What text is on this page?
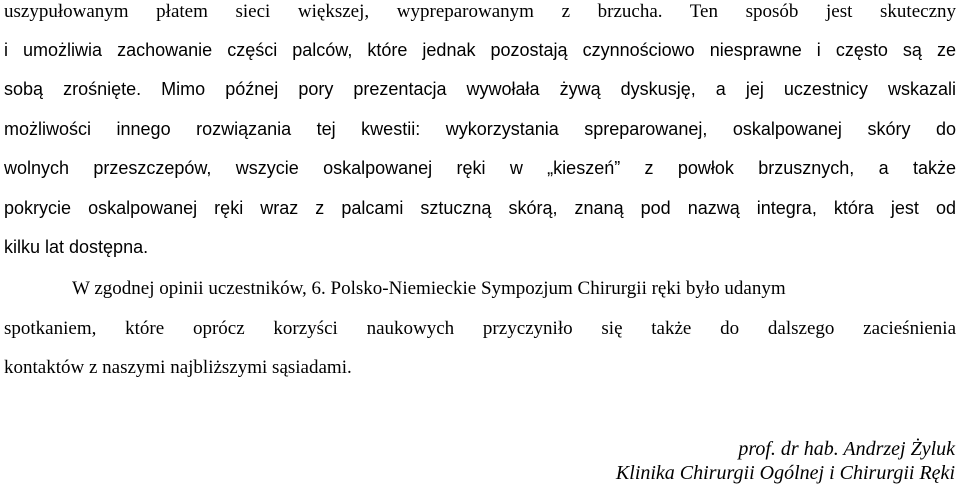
uszypułowanym płatem sieci większej, wypreparowanym z brzucha. Ten sposób jest skuteczny
i umożliwia zachowanie części palców, które jednak pozostają czynnościowo niesprawne i często są ze
sobą zrośnięte. Mimo późnej pory prezentacja wywołała żywą dyskusję, a jej uczestnicy wskazali
możliwości innego rozwiązania tej kwestii: wykorzystania spreparowanej, oskalpowanej skóry do
wolnych przeszczepów, wszycie oskalpowanej ręki w „kieszeń” z powłok brzusznych, a także
pokrycie oskalpowanej ręki wraz z palcami sztuczną skórą, znaną pod nazwą integra, która jest od
kilku lat dostępna.
W zgodnej opinii uczestników, 6. Polsko-Niemieckie Sympozjum Chirurgii ręki było udanym
spotkaniem, które oprócz korzyści naukowych przyczyniło się także do dalszego zacieśnienia
kontaktów z naszymi najbliższymi sąsiadami.
prof. dr hab. Andrzej Żyluk
Klinika Chirurgii Ogólnej i Chirurgii Ręki
